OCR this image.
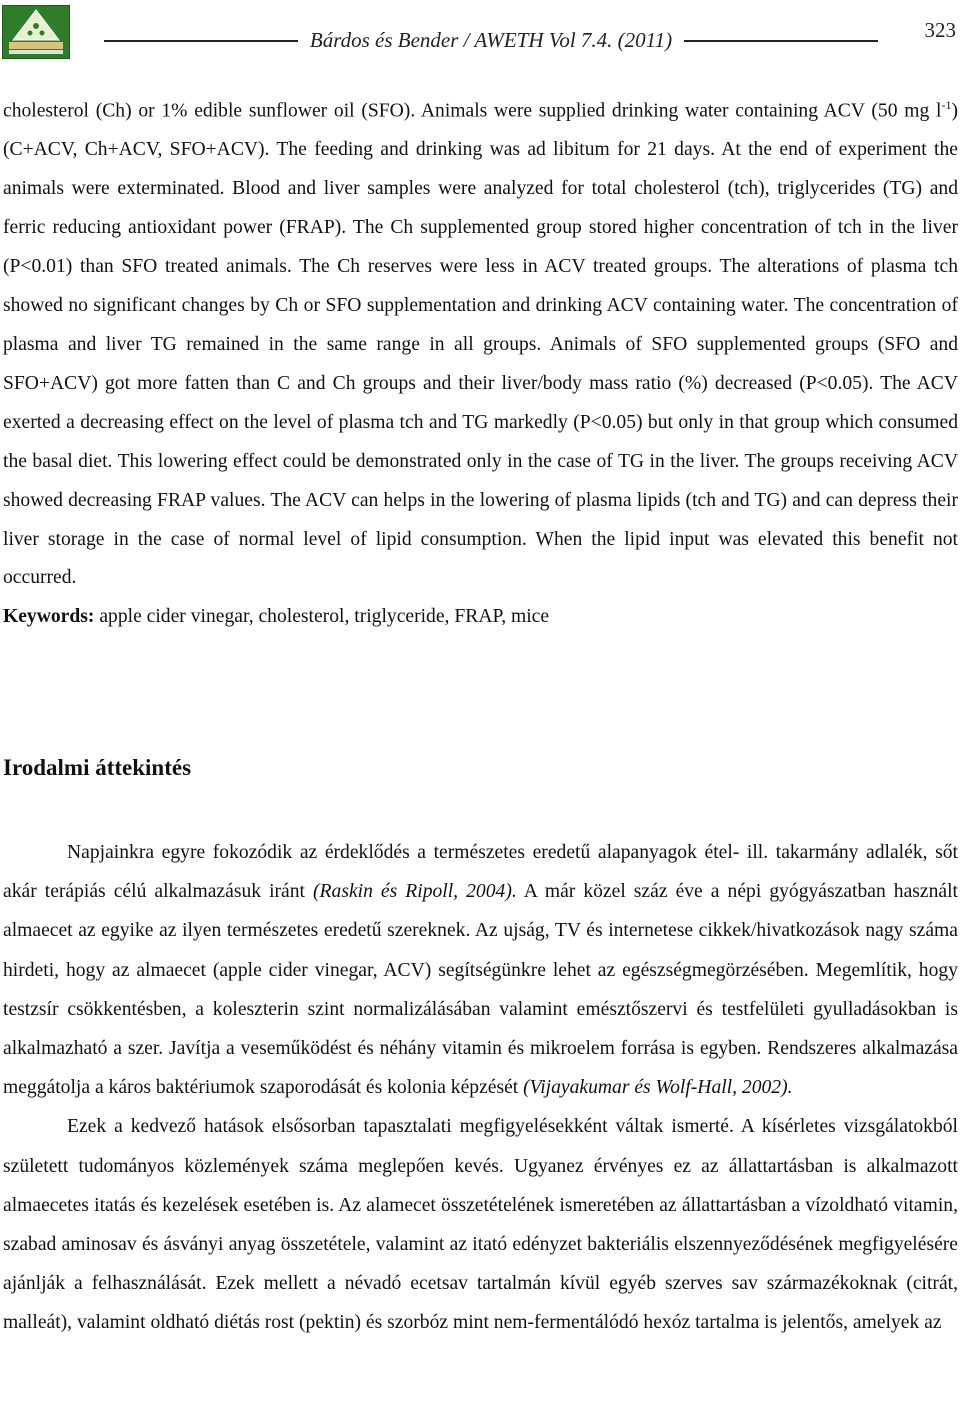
Bárdos és Bender / AWETH Vol 7.4. (2011)	323

cholesterol (Ch) or 1% edible sunflower oil (SFO). Animals were supplied drinking water containing ACV (50 mg $l^{-1})(C+ACV$, Ch+ACV, SFO+ACV). The feeding and drinking was ad libitum for 21 days. At the end of experiment the animals were exterminated. Blood and liver samples were analyzed for total cholesterol (tch), triglycerides (TG) and ferric reducing antioxidant power (FRAP). The Ch supplemented group stored higher concentration of tch in the liver (P<0.01) than SFO treated animals. The Ch reserves were less in ACV treated groups. The alterations of plasma tch showed no significant changes by Ch or SFO supplementation and drinking ACV containing water. The concentration of plasma and liver TG remained in the same range in all groups. Animals of SFO supplemented groups (SFO and SFO+ACV) got more fatten than C and Ch groups and their liver/body mass ratio (%) decreased (P<0.05). The ACV exerted a decreasing effect on the level of plasma tch and TG markedly (P<0.05) but only in that group which consumed the basal diet. This lowering effect could be demonstrated only in the case of TG in the liver. The groups receiving ACV showed decreasing FRAP values. The ACV can helps in the lowering of plasma lipids (tch and TG) and can depress their liver storage in the case of normal level of lipid consumption. When the lipid input was elevated this benefit not occurred.

Keywords: apple cider vinegar, cholesterol, triglyceride, FRAP, mice

Irodalmi áttekintés

Napjainkra egyre fokozódik az érdeklődés a természetes eredetű alapanyagok étel- ill. takarmány adlalék, sőt akár terápiás célú alkalmazásuk iránt (Raskin és Ripoll, 2004). A már közel száz éve a népi gyógyászatban használt almaecet az egyike az ilyen természetes eredetű szereknek. Az ujság, TV és internetese cikkek/hivatkozások nagy száma hirdeti, hogy az almaecet (apple cider vinegar, ACV) segítségünkre lehet az egészségmegörzésében. Megemlítik, hogy testzsír csökkentésben, a koleszterin szint normalizálásában valamint emésztőszervi és testfelületi gyulladásokban is alkalmazható a szer. Javítja a veseműködést és néhány vitamin és mikroelem forrása is egyben. Rendszeres alkalmazása meggátolja a káros baktériumok szaporodását és kolonia képzését (Vijayakumar és Wolf-Hall, 2002).

Ezek a kedvező hatások elsősorban tapasztalati megfigyelésekként váltak ismerté. A kísérletes vizsgálatokból született tudományos közlemények száma meglepően kevés. Ugyanez érvényes ez az állattartásban is alkalmazott almaecetes itatás és kezelések esetében is. Az alamecet összetételének ismeretében az állattartásban a vízoldható vitamin, szabad aminosav és ásványi anyag összetétele, valamint az itató edényzet bakteriális elszennyeződésének megfigyelésére ajánlják a felhasználását. Ezek mellett a névadó ecetsav tartalmán kívül egyéb szerves sav származékoknak (citrát, malleát), valamint oldható diétás rost (pektin) és szorbóz mint nem-fermentálódó hexóz tartalma is jelentős, amelyek az
